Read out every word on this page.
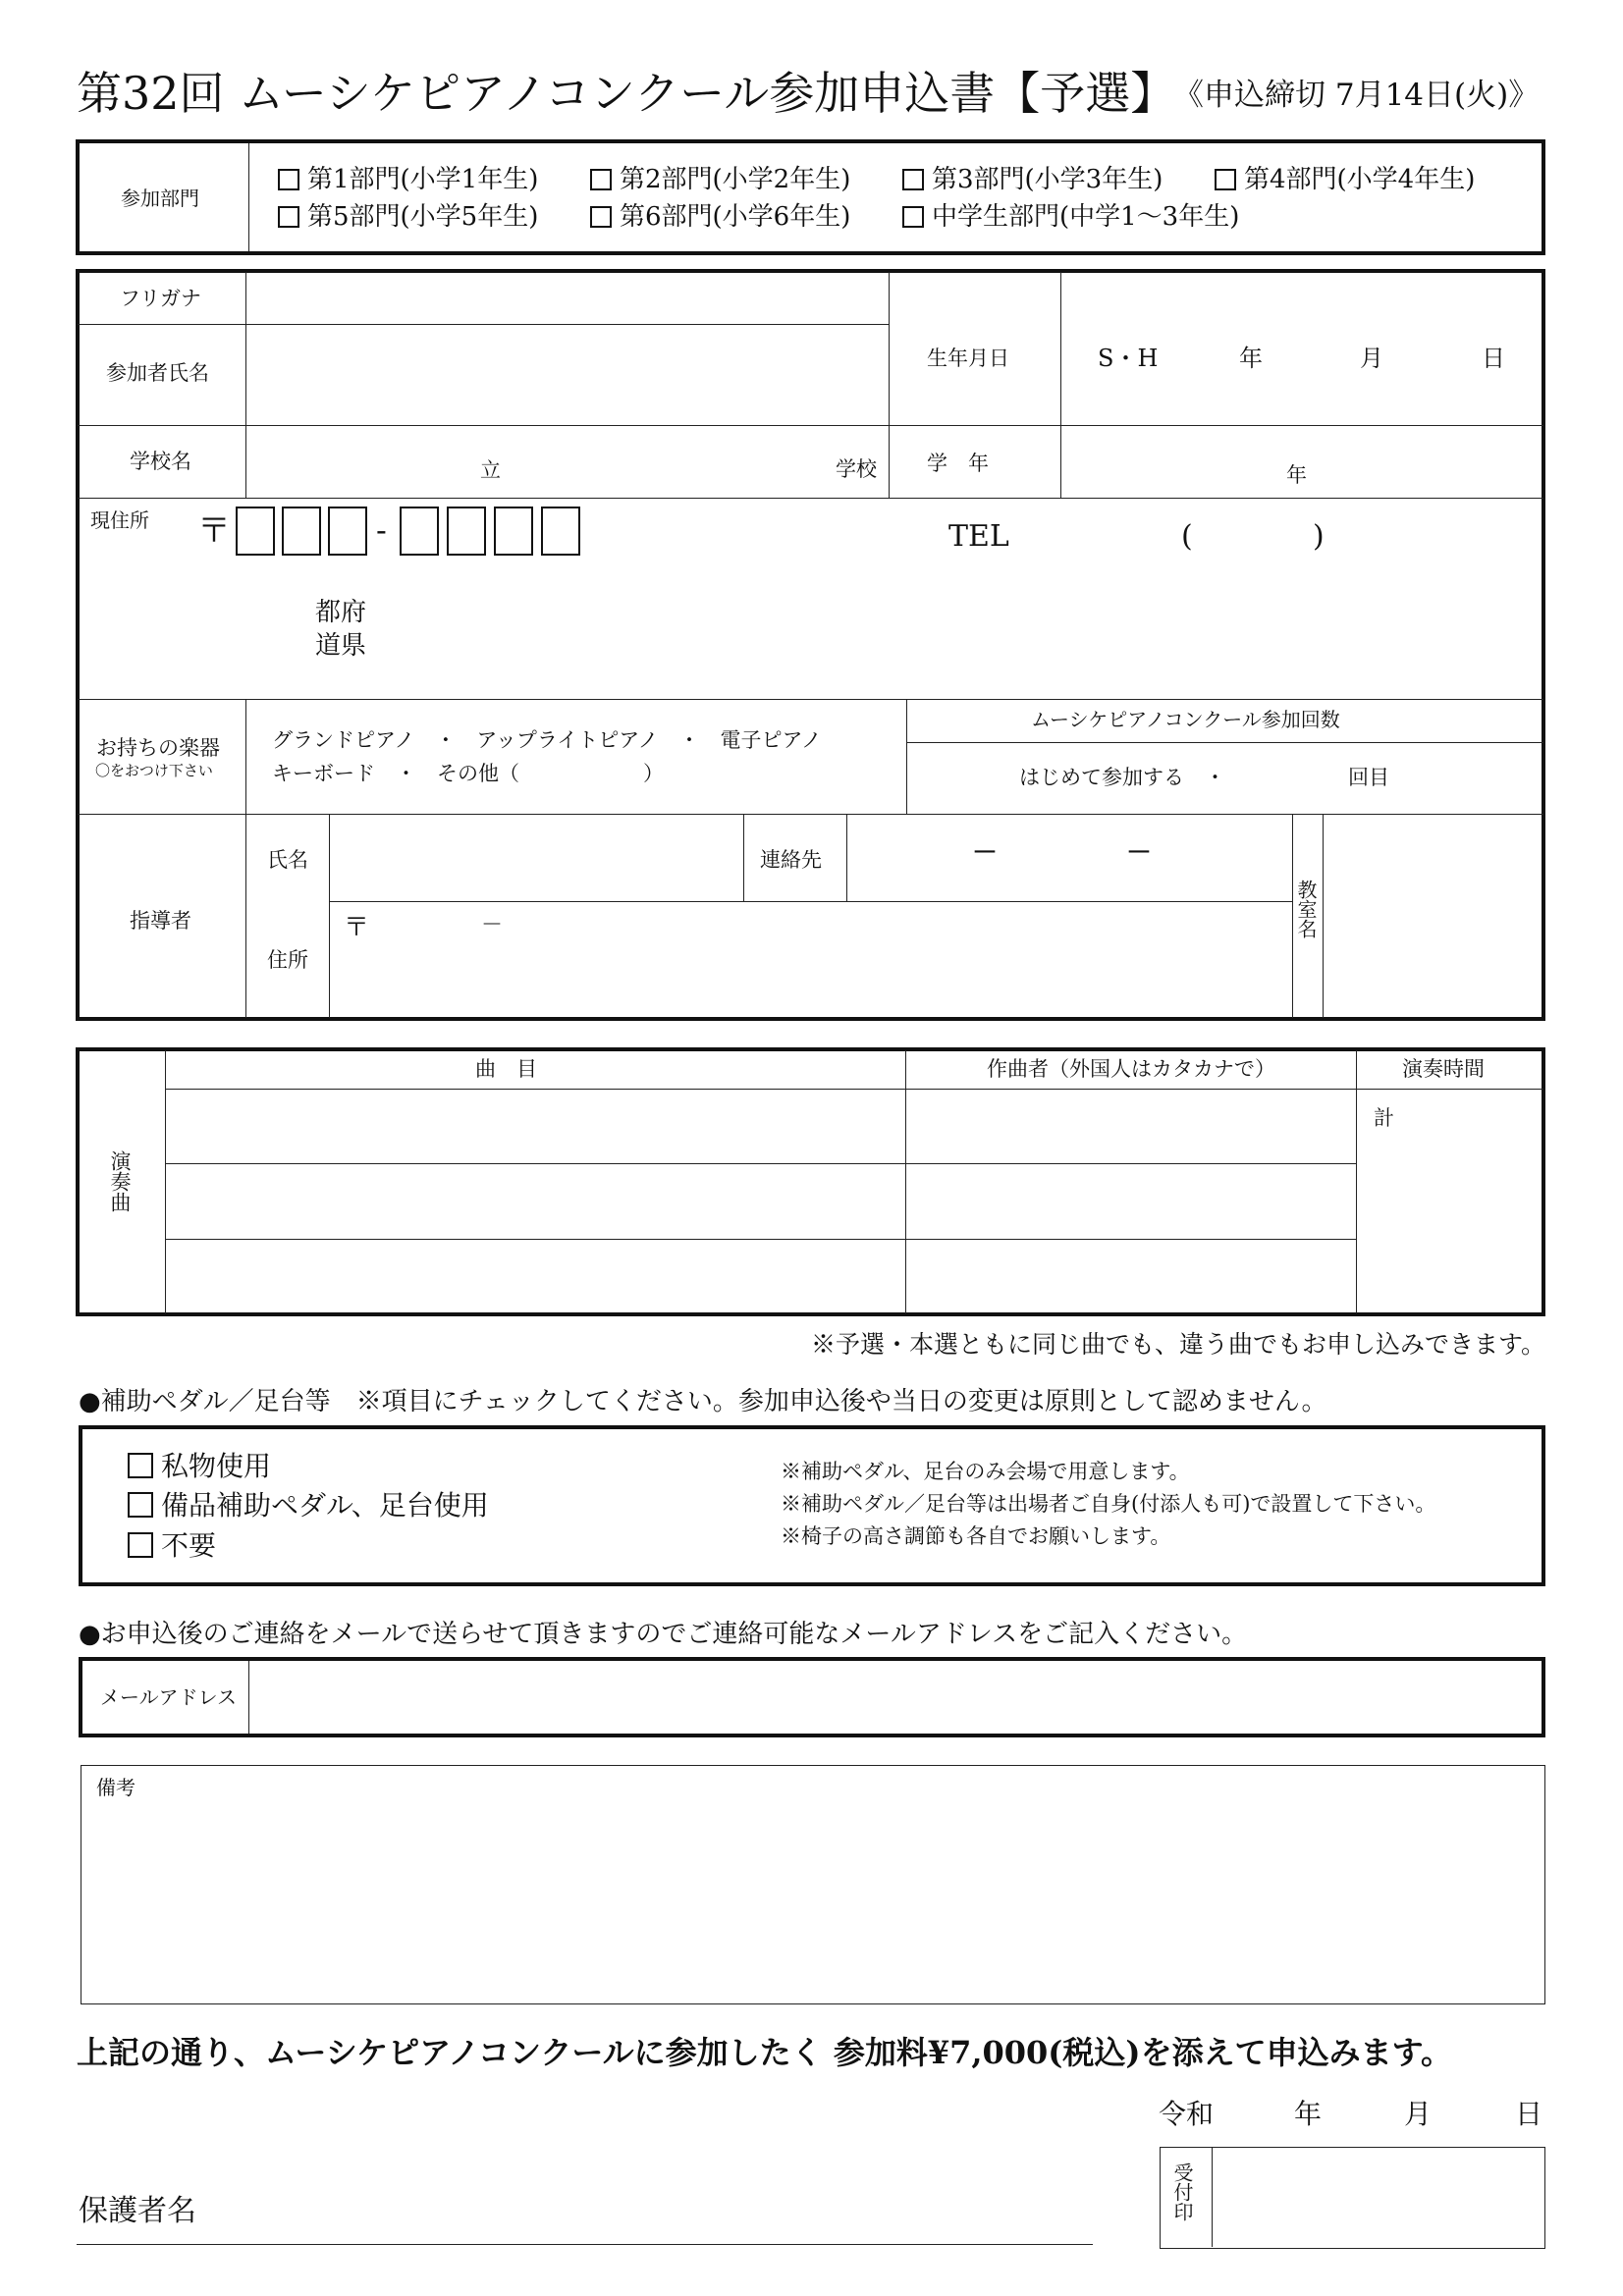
第32回 ムーシケピアノコンクール参加申込書【予選】
《申込締切 7月14日(火)》
参加部門
第1部門(小学1年生)	第2部門(小学2年生)	第3部門(小学3年生)	第4部門(小学4年生)
第5部門(小学5年生)	第6部門(小学6年生)	中学生部門(中学1〜3年生)
フリガナ
参加者氏名
生年月日	S・H	年	月	日
学校名	立	学校 学　年	年
現住所 〒	-
都府
道県
TEL	(	)
お持ちの楽器
〇をおつけ下さい
グランドピアノ　・　アップライトピアノ　・　電子ピアノ
キーボード　・　その他（　　　　　　）
ムーシケピアノコンクール参加回数
はじめて参加する　・	回目
指導者
氏名	連絡先	－	－
住所
〒	－	教室名
演奏曲
曲　目	作曲者（外国人はカタカナで）	演奏時間
計
※予選・本選ともに同じ曲でも、違う曲でもお申し込みできます。
●補助ペダル／足台等　※項目にチェックしてください。参加申込後や当日の変更は原則として認めません。
私物使用
備品補助ペダル、足台使用
不要
※補助ペダル、足台のみ会場で用意します。
※補助ペダル／足台等は出場者ご自身(付添人も可)で設置して下さい。
※椅子の高さ調節も各自でお願いします。
●お申込後のご連絡をメールで送らせて頂きますのでご連絡可能なメールアドレスをご記入ください。
メールアドレス
備考
上記の通り、ムーシケピアノコンクールに参加したく 参加料¥7,000(税込)を添えて申込みます。
令和	年	月	日
保護者名	受付印
